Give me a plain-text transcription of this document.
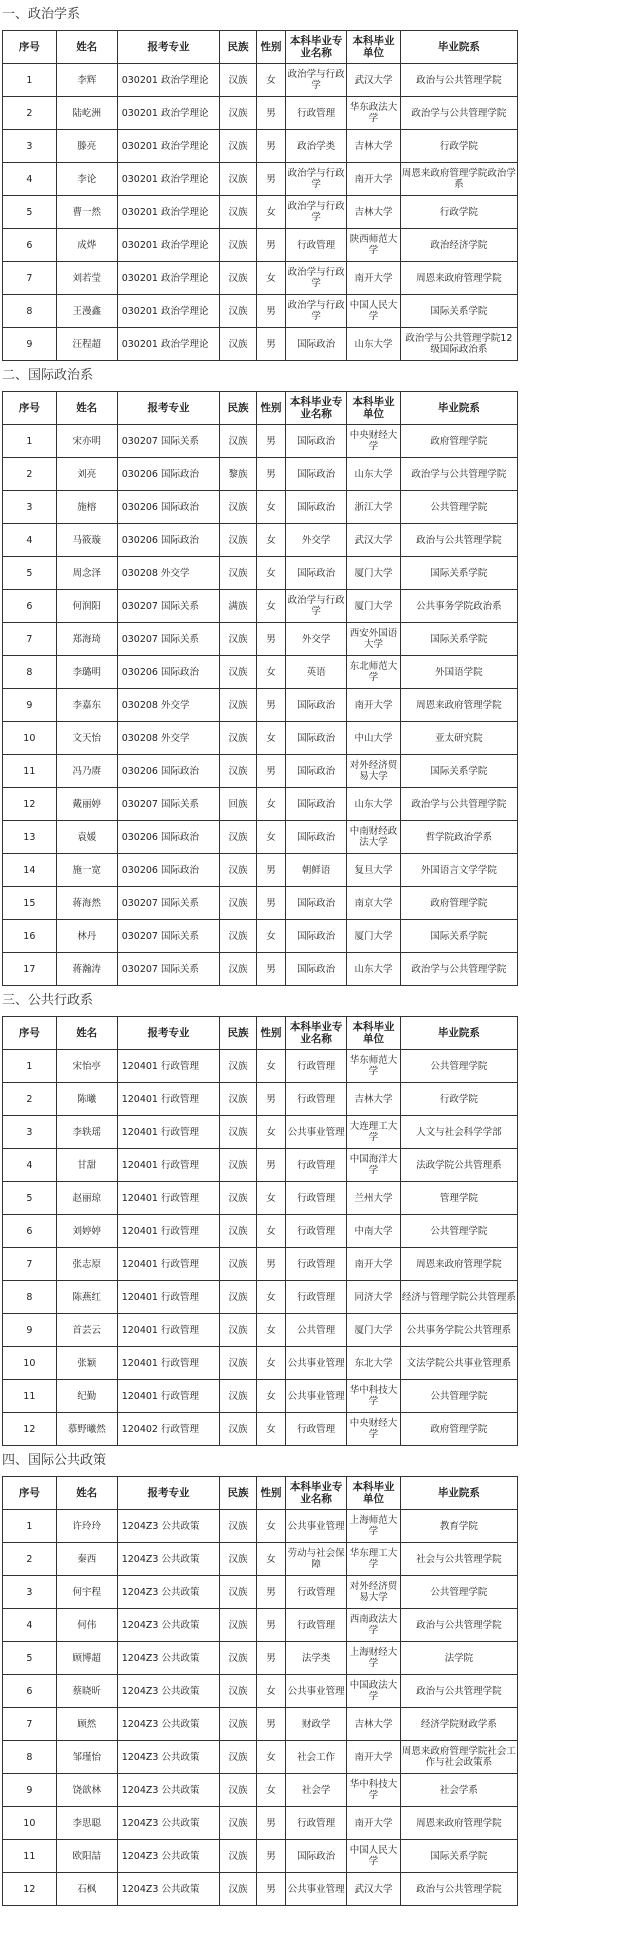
一、政治学系
序号	姓名	报考专业	民族	性别	本科毕业专业名称	本科毕业单位	毕业院系
1	李辉	030201 政治学理论	汉族	女	政治学与行政学	武汉大学	政治与公共管理学院
2	陆屹洲	030201 政治学理论	汉族	男	行政管理	华东政法大学	政治学与公共管理学院
3	滕亮	030201 政治学理论	汉族	男	政治学类	吉林大学	行政学院
4	李论	030201 政治学理论	汉族	男	政治学与行政学	南开大学	周恩来政府管理学院政治学系
5	曹一然	030201 政治学理论	汉族	女	政治学与行政学	吉林大学	行政学院
6	成烨	030201 政治学理论	汉族	男	行政管理	陕西师范大学	政治经济学院
7	刘若莹	030201 政治学理论	汉族	女	政治学与行政学	南开大学	周恩来政府管理学院
8	王漫鑫	030201 政治学理论	汉族	男	政治学与行政学	中国人民大学	国际关系学院
9	汪程超	030201 政治学理论	汉族	男	国际政治	山东大学	政治学与公共管理学院12级国际政治系
二、国际政治系
序号	姓名	报考专业	民族	性别	本科毕业专业名称	本科毕业单位	毕业院系
1	宋亦明	030207 国际关系	汉族	男	国际政治	中央财经大学	政府管理学院
2	刘亮	030206 国际政治	黎族	男	国际政治	山东大学	政治学与公共管理学院
3	施榕	030206 国际政治	汉族	女	国际政治	浙江大学	公共管理学院
4	马筱璇	030206 国际政治	汉族	女	外交学	武汉大学	政治与公共管理学院
5	周念泽	030208 外交学	汉族	女	国际政治	厦门大学	国际关系学院
6	何润阳	030207 国际关系	满族	女	政治学与行政学	厦门大学	公共事务学院政治系
7	郑海琦	030207 国际关系	汉族	男	外交学	西安外国语大学	国际关系学院
8	李璐明	030206 国际政治	汉族	女	英语	东北师范大学	外国语学院
9	李嘉东	030208 外交学	汉族	男	国际政治	南开大学	周恩来政府管理学院
10	文天怡	030208 外交学	汉族	女	国际政治	中山大学	亚太研究院
11	冯乃赓	030206 国际政治	汉族	男	国际政治	对外经济贸易大学	国际关系学院
12	戴丽婷	030207 国际关系	回族	女	国际政治	山东大学	政治学与公共管理学院
13	袁媛	030206 国际政治	汉族	女	国际政治	中南财经政法大学	哲学院政治学系
14	施一宽	030206 国际政治	汉族	男	朝鲜语	复旦大学	外国语言文学学院
15	蒋海然	030207 国际关系	汉族	男	国际政治	南京大学	政府管理学院
16	林丹	030207 国际关系	汉族	女	国际政治	厦门大学	国际关系学院
17	蒋瀚涛	030207 国际关系	汉族	男	国际政治	山东大学	政治学与公共管理学院
三、公共行政系
序号	姓名	报考专业	民族	性别	本科毕业专业名称	本科毕业单位	毕业院系
1	宋怡亭	120401 行政管理	汉族	女	行政管理	华东师范大学	公共管理学院
2	陈曦	120401 行政管理	汉族	男	行政管理	吉林大学	行政学院
3	李轶瑶	120401 行政管理	汉族	女	公共事业管理	大连理工大学	人文与社会科学学部
4	甘甜	120401 行政管理	汉族	男	行政管理	中国海洋大学	法政学院公共管理系
5	赵丽琼	120401 行政管理	汉族	女	行政管理	兰州大学	管理学院
6	刘婷婷	120401 行政管理	汉族	女	行政管理	中南大学	公共管理学院
7	张志原	120401 行政管理	汉族	男	行政管理	南开大学	周恩来政府管理学院
8	陈燕红	120401 行政管理	汉族	女	行政管理	同济大学	经济与管理学院公共管理系
9	首芸云	120401 行政管理	汉族	女	公共管理	厦门大学	公共事务学院公共管理系
10	张颖	120401 行政管理	汉族	女	公共事业管理	东北大学	文法学院公共事业管理系
11	纪勤	120401 行政管理	汉族	女	公共事业管理	华中科技大学	公共管理学院
12	慕野曦然	120402 行政管理	汉族	女	行政管理	中央财经大学	政府管理学院
四、国际公共政策
序号	姓名	报考专业	民族	性别	本科毕业专业名称	本科毕业单位	毕业院系
1	许玲玲	1204Z3 公共政策	汉族	女	公共事业管理	上海师范大学	教育学院
2	秦西	1204Z3 公共政策	汉族	女	劳动与社会保障	华东理工大学	社会与公共管理学院
3	何宇程	1204Z3 公共政策	汉族	男	行政管理	对外经济贸易大学	公共管理学院
4	何伟	1204Z3 公共政策	汉族	男	行政管理	西南政法大学	政治与公共管理学院
5	顾博超	1204Z3 公共政策	汉族	男	法学类	上海财经大学	法学院
6	蔡晓昕	1204Z3 公共政策	汉族	女	公共事业管理	中国政法大学	政治与公共管理学院
7	顾然	1204Z3 公共政策	汉族	男	财政学	吉林大学	经济学院财政学系
8	邹瑾怡	1204Z3 公共政策	汉族	女	社会工作	南开大学	周恩来政府管理学院社会工作与社会政策系
9	饶歆林	1204Z3 公共政策	汉族	女	社会学	华中科技大学	社会学系
10	李思聪	1204Z3 公共政策	汉族	男	行政管理	南开大学	周恩来政府管理学院
11	欧阳喆	1204Z3 公共政策	汉族	男	国际政治	中国人民大学	国际关系学院
12	石枫	1204Z3 公共政策	汉族	男	公共事业管理	武汉大学	政治与公共管理学院
